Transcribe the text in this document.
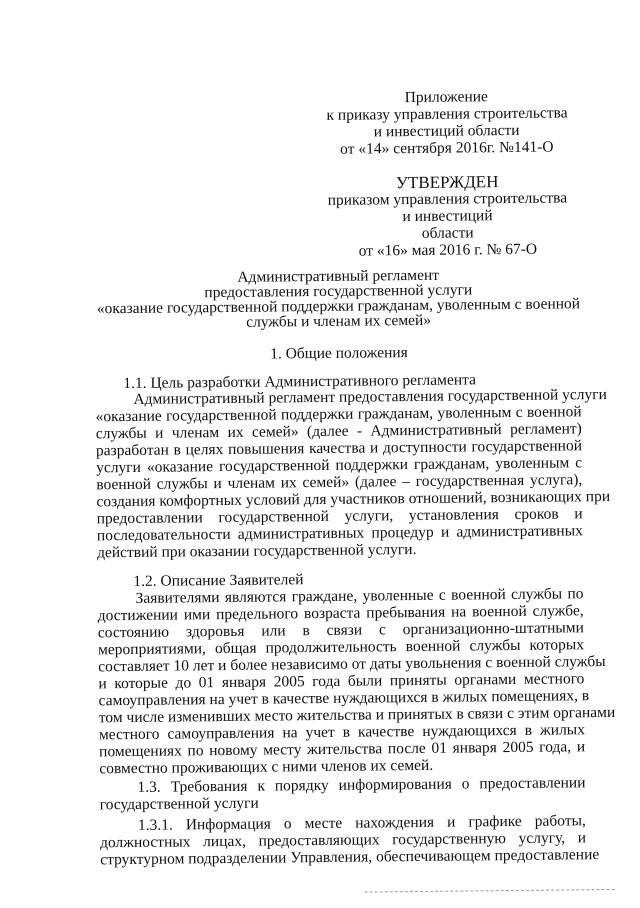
Приложение
к приказу управления строительства
и инвестиций области
от «14» сентября 2016г. №141-О
УТВЕРЖДЕН
приказом управления строительства
и инвестиций
области
от «16» мая 2016 г. № 67-О
Административный регламент
предоставления государственной услуги
«оказание государственной поддержки гражданам, уволенным с военной
службы и членам их семей»
1. Общие положения
1.1. Цель разработки Административного регламента
Административный регламент предоставления государственной услуги
«оказание государственной поддержки гражданам, уволенным с военной
службы и членам их семей» (далее - Административный регламент)
разработан в целях повышения качества и доступности государственной
услуги «оказание государственной поддержки гражданам, уволенным с
военной службы и членам их семей» (далее – государственная услуга),
создания комфортных условий для участников отношений, возникающих при
предоставлении государственной услуги, установления сроков и
последовательности административных процедур и административных
действий при оказании государственной услуги.
1.2. Описание Заявителей
Заявителями являются граждане, уволенные с военной службы по
достижении ими предельного возраста пребывания на военной службе,
состоянию здоровья или в связи с организационно-штатными
мероприятиями, общая продолжительность военной службы которых
составляет 10 лет и более независимо от даты увольнения с военной службы
и которые до 01 января 2005 года были приняты органами местного
самоуправления на учет в качестве нуждающихся в жилых помещениях, в
том числе изменивших место жительства и принятых в связи с этим органами
местного самоуправления на учет в качестве нуждающихся в жилых
помещениях по новому месту жительства после 01 января 2005 года, и
совместно проживающих с ними членов их семей.
1.3. Требования к порядку информирования о предоставлении
государственной услуги
1.3.1. Информация о месте нахождения и графике работы,
должностных лицах, предоставляющих государственную услугу, и
структурном подразделении Управления, обеспечивающем предоставление
